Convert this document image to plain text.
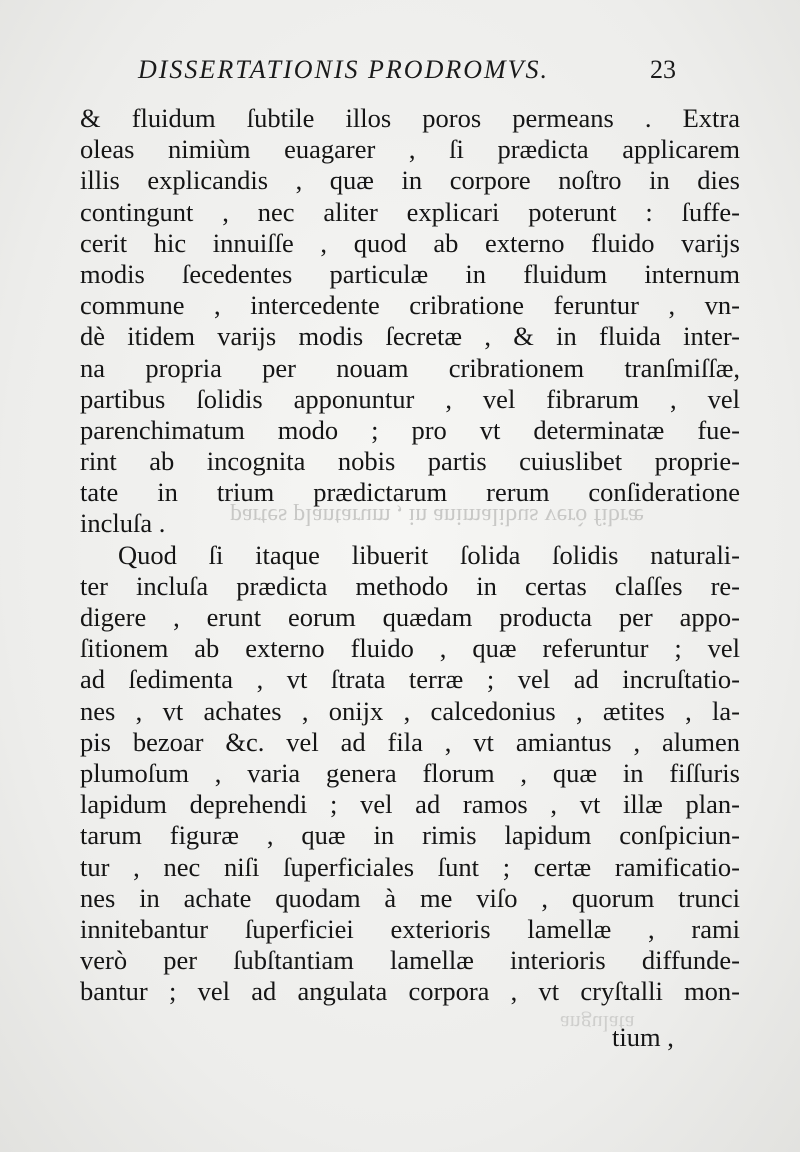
partes plantarum , in animalibus verò fibræ
angulata
DISSERTATIONIS PRODROMVS.	23
& fluidum ſubtile illos poros permeans . Extra
oleas nimiùm euagarer , ſi prædicta applicarem
illis explicandis , quæ in corpore noſtro in dies
contingunt , nec aliter explicari poterunt : ſuffe-
cerit hic innuiſſe , quod ab externo fluido varijs
modis ſecedentes particulæ in fluidum internum
commune , intercedente cribratione feruntur , vn-
dè itidem varijs modis ſecretæ , & in fluida inter-
na propria per nouam cribrationem tranſmiſſæ,
partibus ſolidis apponuntur , vel fibrarum , vel
parenchimatum modo ; pro vt determinatæ fue-
rint ab incognita nobis partis cuiuslibet proprie-
tate in trium prædictarum rerum conſideratione
incluſa .
Quod ſi itaque libuerit ſolida ſolidis naturali-
ter incluſa prædicta methodo in certas claſſes re-
digere , erunt eorum quædam producta per appo-
ſitionem ab externo fluido , quæ referuntur ; vel
ad ſedimenta , vt ſtrata terræ ; vel ad incruſtatio-
nes , vt achates , onijx , calcedonius , ætites , la-
pis bezoar &c. vel ad fila , vt amiantus , alumen
plumoſum , varia genera florum , quæ in fiſſuris
lapidum deprehendi ; vel ad ramos , vt illæ plan-
tarum figuræ , quæ in rimis lapidum conſpiciun-
tur , nec niſi ſuperficiales ſunt ; certæ ramificatio-
nes in achate quodam à me viſo , quorum trunci
innitebantur ſuperficiei exterioris lamellæ , rami
verò per ſubſtantiam lamellæ interioris diffunde-
bantur ; vel ad angulata corpora , vt cryſtalli mon-
tium ,
